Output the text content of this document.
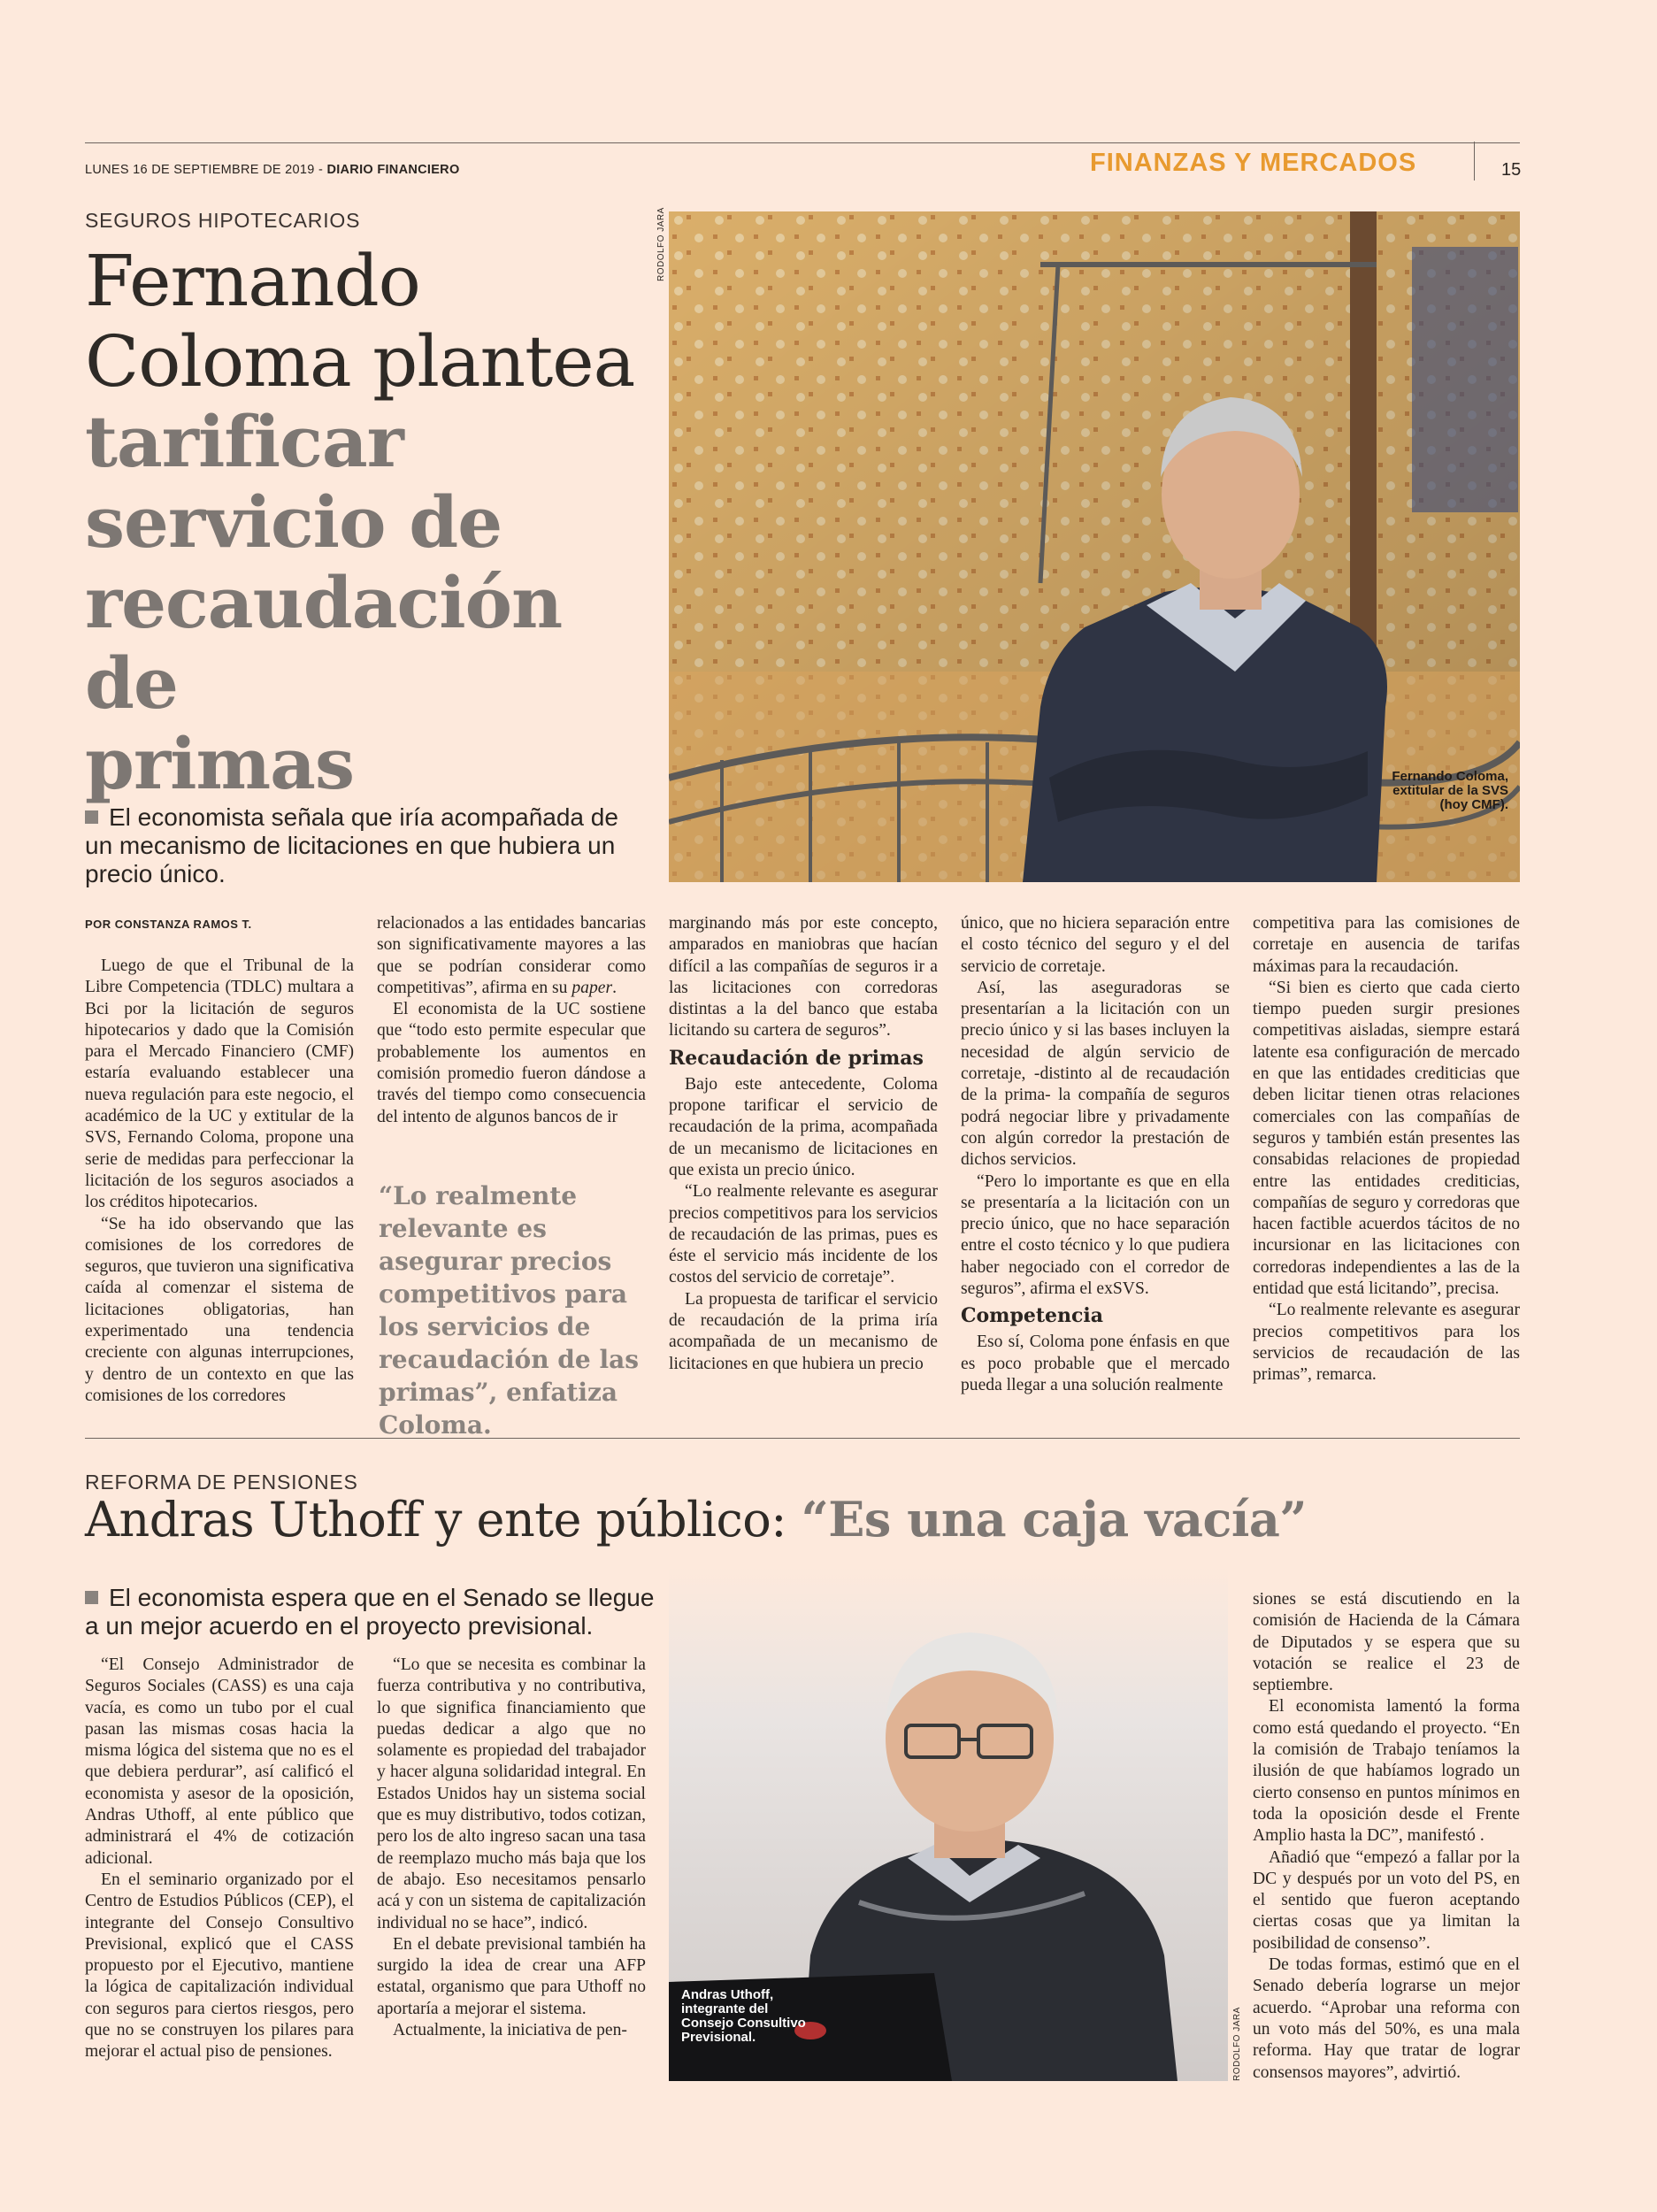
LUNES 16 DE SEPTIEMBRE DE 2019 - DIARIO FINANCIERO	FINANZAS Y MERCADOS	15
SEGUROS HIPOTECARIOS
Fernando
Coloma plantea
tarificar
servicio de
recaudación de
primas
El economista señala que iría acompañada de un mecanismo de licitaciones en que hubiera un precio único.
RODOLFO JARA
Fernando Coloma, extitular de la SVS (hoy CMF).
POR CONSTANZA RAMOS T.

Luego de que el Tribunal de la Libre Competencia (TDLC) multara a Bci por la licitación de seguros hipotecarios y dado que la Comisión para el Mercado Financiero (CMF) estaría evaluando establecer una nueva regulación para este negocio, el académico de la UC y extitular de la SVS, Fernando Coloma, propone una serie de medidas para perfeccionar la licitación de los seguros asociados a los créditos hipotecarios.

“Se ha ido observando que las comisiones de los corredores de seguros, que tuvieron una significativa caída al comenzar el sistema de licitaciones obligatorias, han experimentado una tendencia creciente con algunas interrupciones, y dentro de un contexto en que las comisiones de los corredores

relacionados a las entidades bancarias son significativamente mayores a las que se podrían considerar como competitivas”, afirma en su paper.

El economista de la UC sostiene que “todo esto permite especular que probablemente los aumentos en comisión promedio fueron dándose a través del tiempo como consecuencia del intento de algunos bancos de ir

“Lo realmente relevante es asegurar precios competitivos para los servicios de recaudación de las primas”, enfatiza Coloma.

marginando más por este concepto, amparados en maniobras que hacían difícil a las compañías de seguros ir a las licitaciones con corredoras distintas a la del banco que estaba licitando su cartera de seguros”.

Recaudación de primas

Bajo este antecedente, Coloma propone tarificar el servicio de recaudación de la prima, acompañada de un mecanismo de licitaciones en que exista un precio único.

“Lo realmente relevante es asegurar precios competitivos para los servicios de recaudación de las primas, pues es éste el servicio más incidente de los costos del servicio de corretaje”.

La propuesta de tarificar el servicio de recaudación de la prima iría acompañada de un mecanismo de licitaciones en que hubiera un precio

único, que no hiciera separación entre el costo técnico del seguro y el del servicio de corretaje.

Así, las aseguradoras se presentarían a la licitación con un precio único y si las bases incluyen la necesidad de algún servicio de corretaje, -distinto al de recaudación de la prima- la compañía de seguros podrá negociar libre y privadamente con algún corredor la prestación de dichos servicios.

“Pero lo importante es que en ella se presentaría a la licitación con un precio único, que no hace separación entre el costo técnico y lo que pudiera haber negociado con el corredor de seguros”, afirma el exSVS.

Competencia

Eso sí, Coloma pone énfasis en que es poco probable que el mercado pueda llegar a una solución realmente

competitiva para las comisiones de corretaje en ausencia de tarifas máximas para la recaudación.

“Si bien es cierto que cada cierto tiempo pueden surgir presiones competitivas aisladas, siempre estará latente esa configuración de mercado en que las entidades crediticias que deben licitar tienen otras relaciones comerciales con las compañías de seguros y también están presentes las consabidas relaciones de propiedad entre las entidades crediticias, compañías de seguro y corredoras que hacen factible acuerdos tácitos de no incursionar en las licitaciones con corredoras independientes a las de la entidad que está licitando”, precisa.

“Lo realmente relevante es asegurar precios competitivos para los servicios de recaudación de las primas”, remarca.

REFORMA DE PENSIONES
Andras Uthoff y ente público: “Es una caja vacía”
El economista espera que en el Senado se llegue a un mejor acuerdo en el proyecto previsional.

“El Consejo Administrador de Seguros Sociales (CASS) es una caja vacía, es como un tubo por el cual pasan las mismas cosas hacia la misma lógica del sistema que no es el que debiera perdurar”, así calificó el economista y asesor de la oposición, Andras Uthoff, al ente público que administrará el 4% de cotización adicional.

En el seminario organizado por el Centro de Estudios Públicos (CEP), el integrante del Consejo Consultivo Previsional, explicó que el CASS propuesto por el Ejecutivo, mantiene la lógica de capitalización individual con seguros para ciertos riesgos, pero que no se construyen los pilares para mejorar el actual piso de pensiones.

“Lo que se necesita es combinar la fuerza contributiva y no contributiva, lo que significa financiamiento que puedas dedicar a algo que no solamente es propiedad del trabajador y hacer alguna solidaridad integral. En Estados Unidos hay un sistema social que es muy distributivo, todos cotizan, pero los de alto ingreso sacan una tasa de reemplazo mucho más baja que los de abajo. Eso necesitamos pensarlo acá y con un sistema de capitalización individual no se hace”, indicó.

En el debate previsional también ha surgido la idea de crear una AFP estatal, organismo que para Uthoff no aportaría a mejorar el sistema.

Actualmente, la iniciativa de pen-

Andras Uthoff, integrante del Consejo Consultivo Previsional.	RODOLFO JARA

siones se está discutiendo en la comisión de Hacienda de la Cámara de Diputados y se espera que su votación se realice el 23 de septiembre.

El economista lamentó la forma como está quedando el proyecto. “En la comisión de Trabajo teníamos la ilusión de que habíamos logrado un cierto consenso en puntos mínimos en toda la oposición desde el Frente Amplio hasta la DC”, manifestó .

Añadió que “empezó a fallar por la DC y después por un voto del PS, en el sentido que fueron aceptando ciertas cosas que ya limitan la posibilidad de consenso”.

De todas formas, estimó que en el Senado debería lograrse un mejor acuerdo. “Aprobar una reforma con un voto más del 50%, es una mala reforma. Hay que tratar de lograr consensos mayores”, advirtió.
